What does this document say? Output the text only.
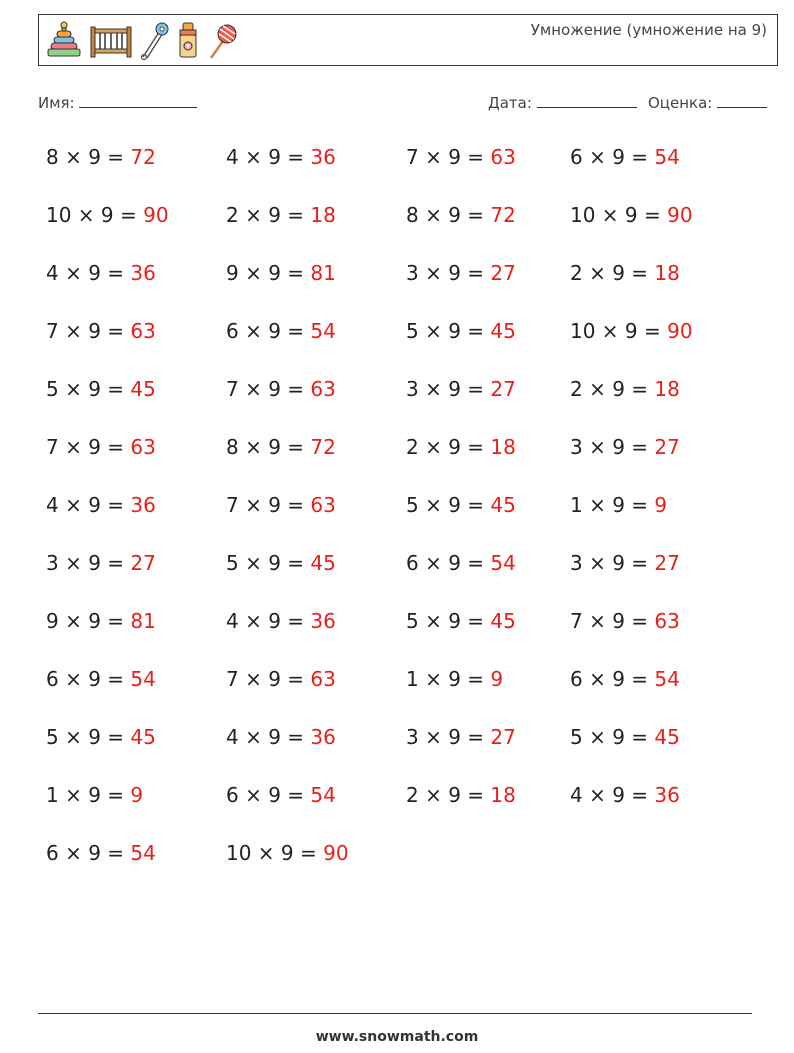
Умножение (умножение на 9)
Имя:	Дата:	Оценка:
8 × 9 = 72	4 × 9 = 36	7 × 9 = 63	6 × 9 = 54
10 × 9 = 90	2 × 9 = 18	8 × 9 = 72	10 × 9 = 90
4 × 9 = 36	9 × 9 = 81	3 × 9 = 27	2 × 9 = 18
7 × 9 = 63	6 × 9 = 54	5 × 9 = 45	10 × 9 = 90
5 × 9 = 45	7 × 9 = 63	3 × 9 = 27	2 × 9 = 18
7 × 9 = 63	8 × 9 = 72	2 × 9 = 18	3 × 9 = 27
4 × 9 = 36	7 × 9 = 63	5 × 9 = 45	1 × 9 = 9
3 × 9 = 27	5 × 9 = 45	6 × 9 = 54	3 × 9 = 27
9 × 9 = 81	4 × 9 = 36	5 × 9 = 45	7 × 9 = 63
6 × 9 = 54	7 × 9 = 63	1 × 9 = 9	6 × 9 = 54
5 × 9 = 45	4 × 9 = 36	3 × 9 = 27	5 × 9 = 45
1 × 9 = 9	6 × 9 = 54	2 × 9 = 18	4 × 9 = 36
6 × 9 = 54	10 × 9 = 90
www.snowmath.com
